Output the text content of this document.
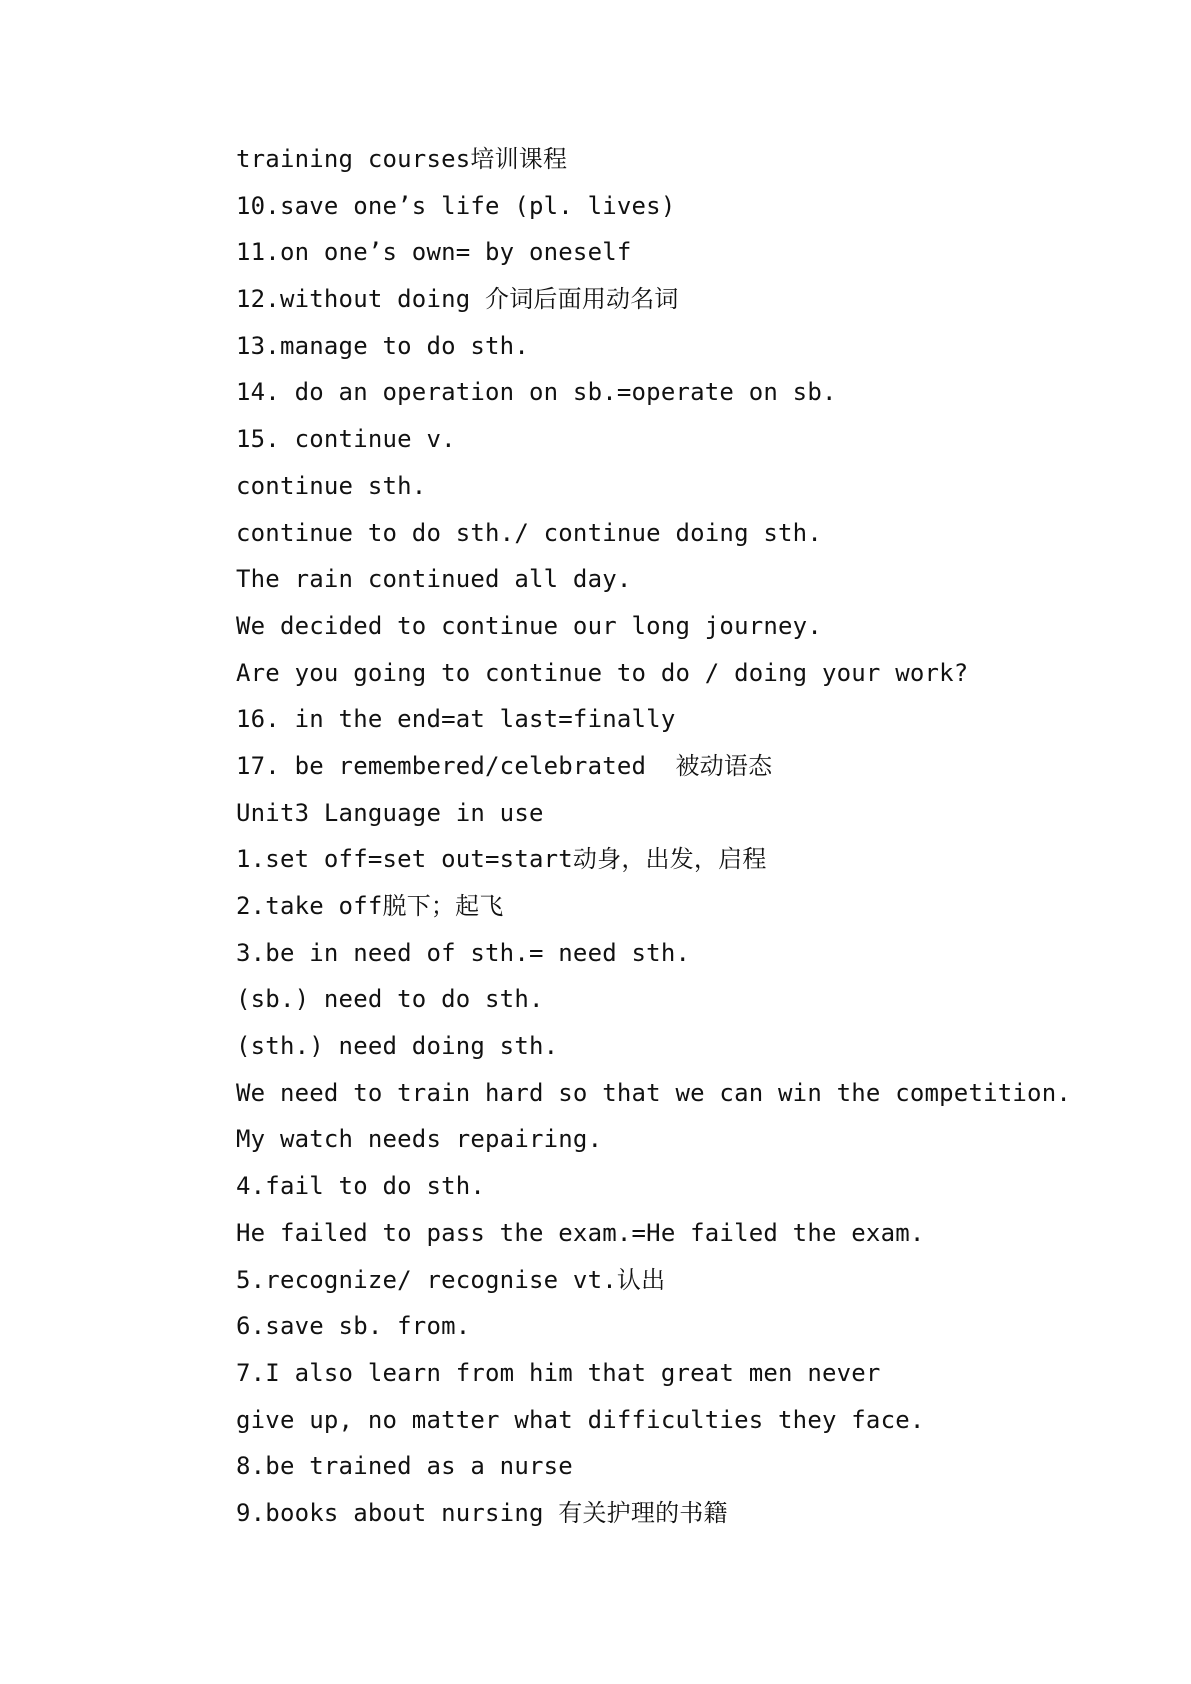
training courses培训课程
10.save one’s life (pl. lives)
11.on one’s own= by oneself
12.without doing 介词后面用动名词
13.manage to do sth.
14. do an operation on sb.=operate on sb.
15. continue v.
continue sth.
continue to do sth./ continue doing sth.
The rain continued all day.
We decided to continue our long journey.
Are you going to continue to do / doing your work?
16. in the end=at last=finally
17. be remembered/celebrated  被动语态
Unit3 Language in use
1.set off=set out=start动身，出发，启程
2.take off脱下；起飞
3.be in need of sth.= need sth.
(sb.) need to do sth.
(sth.) need doing sth.
We need to train hard so that we can win the competition.
My watch needs repairing.
4.fail to do sth.
He failed to pass the exam.=He failed the exam.
5.recognize/ recognise vt.认出
6.save sb. from.
7.I also learn from him that great men never
give up, no matter what difficulties they face.
8.be trained as a nurse
9.books about nursing 有关护理的书籍
